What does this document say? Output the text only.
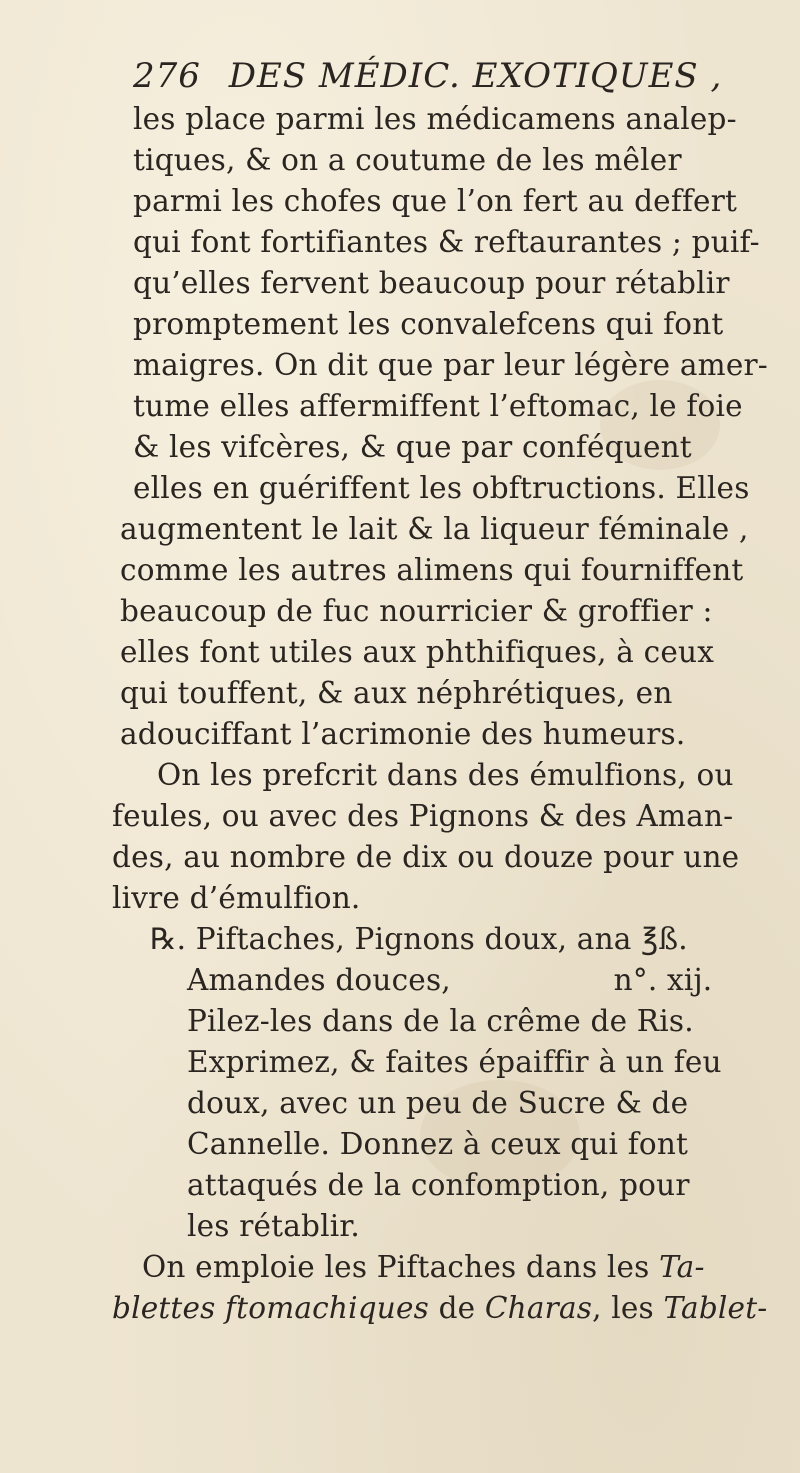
276 DES MÉDIC. EXOTIQUES ,
les place parmi les médicamens analep-
tiques, & on a coutume de les mêler
parmi les chofes que l’on fert au deffert
qui font fortifiantes & reftaurantes ; puif-
qu’elles fervent beaucoup pour rétablir
promptement les convalefcens qui font
maigres. On dit que par leur légère amer-
tume elles affermiffent l’eftomac, le foie
& les vifcères, & que par conféquent
elles en guériffent les obftructions. Elles
augmentent le lait & la liqueur féminale ,
comme les autres alimens qui fourniffent
beaucoup de fuc nourricier & groffier :
elles font utiles aux phthifiques, à ceux
qui touffent, & aux néphrétiques, en
adouciffant l’acrimonie des humeurs.
On les prefcrit dans des émulfions, ou
feules, ou avec des Pignons & des Aman-
des, au nombre de dix ou douze pour une
livre d’émulfion.
℞. Piftaches, Pignons doux, ana ℥ß.
Amandes douces,                 n°. xij.
Pilez-les dans de la crême de Ris.
Exprimez, & faites épaiffir à un feu
doux, avec un peu de Sucre & de
Cannelle. Donnez à ceux qui font
attaqués de la confomption, pour
les rétablir.
On emploie les Piftaches dans les Ta-
blettes ftomachiques de Charas, les Tablet-
